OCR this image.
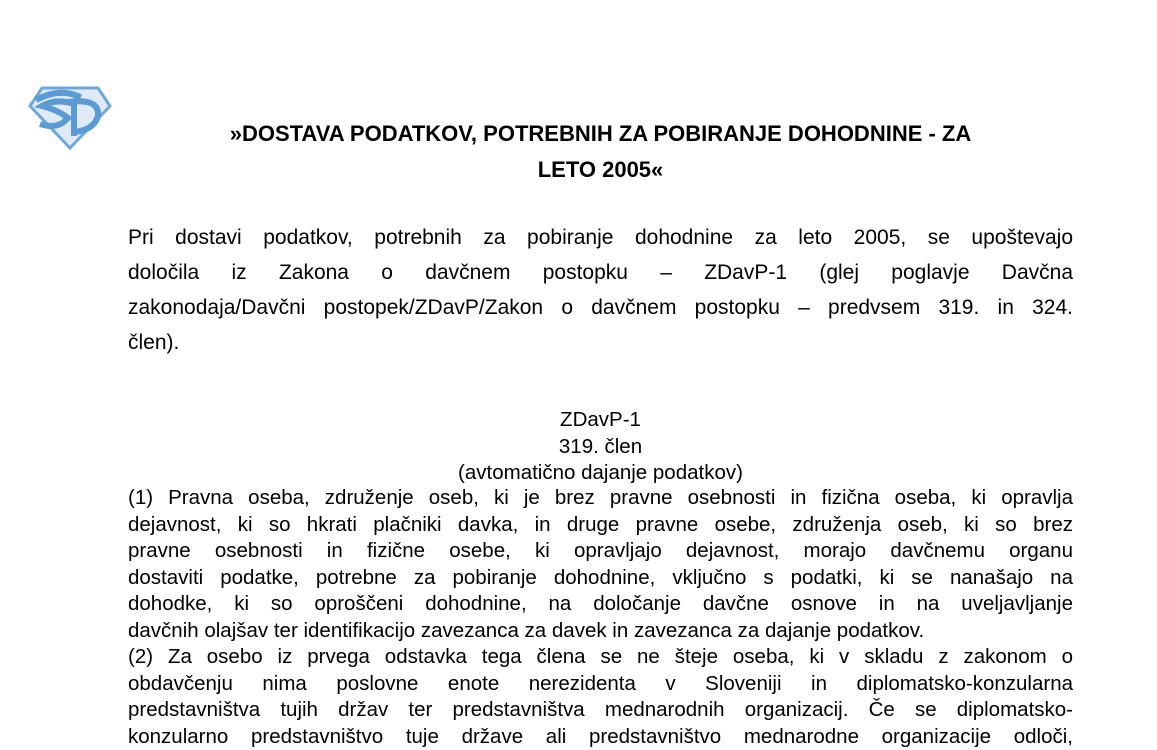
»DOSTAVA PODATKOV, POTREBNIH ZA POBIRANJE DOHODNINE - ZA
LETO 2005«
Pri dostavi podatkov, potrebnih za pobiranje dohodnine za leto 2005, se upoštevajo
določila iz Zakona o davčnem postopku – ZDavP-1 (glej poglavje Davčna
zakonodaja/Davčni postopek/ZDavP/Zakon o davčnem postopku – predvsem 319. in 324.
člen).
ZDavP-1
319. člen
(avtomatično dajanje podatkov)
(1) Pravna oseba, združenje oseb, ki je brez pravne osebnosti in fizična oseba, ki opravlja
dejavnost, ki so hkrati plačniki davka, in druge pravne osebe, združenja oseb, ki so brez
pravne osebnosti in fizične osebe, ki opravljajo dejavnost, morajo davčnemu organu
dostaviti podatke, potrebne za pobiranje dohodnine, vključno s podatki, ki se nanašajo na
dohodke, ki so oproščeni dohodnine, na določanje davčne osnove in na uveljavljanje
davčnih olajšav ter identifikacijo zavezanca za davek in zavezanca za dajanje podatkov.
(2) Za osebo iz prvega odstavka tega člena se ne šteje oseba, ki v skladu z zakonom o
obdavčenju nima poslovne enote nerezidenta v Sloveniji in diplomatsko-konzularna
predstavništva tujih držav ter predstavništva mednarodnih organizacij. Če se diplomatsko-
konzularno predstavništvo tuje države ali predstavništvo mednarodne organizacije odloči,
